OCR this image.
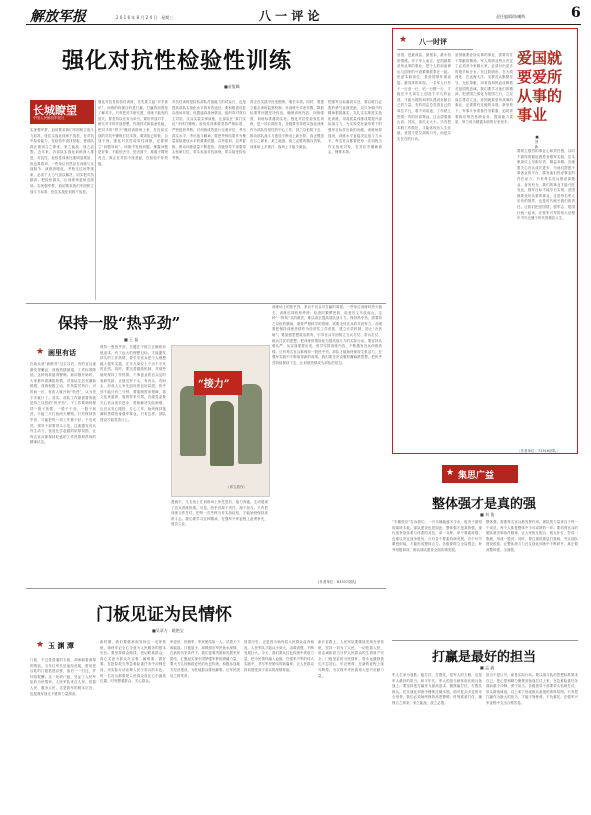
解放军报	2 0 1 6 年 8 月 2 4 日　星期三	八 一 评 论	责任编辑/陈曦辉	6
强化对抗性检验性训练
■苗俊峰
长城瞭望
中国人民解放军报社
实现强军梦，迫切要求我们牢固树立战斗力标准，扭住实战化训练不放松，在对抗中检验能力，在检验中查找短板，使部队真正做到召之即来、来之能战、战之必胜。近年来，各部队实战化训练深入推进，对抗性、检验性训练比重明显增加，但也要看到，一些单位仍然存在训练与实战脱节、演练套路化、考核走过场等现象，必须下大力气加以解决，切实把对抗搞真、把检验做实，让训练场更贴近战场。实现强军梦，迫切要求我们牢固树立战斗力标准，扭住实战化训练不放松。
强化对抗性检验性训练，首先要立起“对手意识”。训练的终极目的是打赢，打赢的前提是了解对手。只有把对手研究透，训练才能有的放矢。要坚持以任务为牵引，紧盯作战对手，研究对手的作战思想、作战样式和装备性能，把对手的“样子”搬到训练场上来，在近似实战的对抗中锤炼打仗本领，做到知己知彼、百战不殆。强化对抗性检验性训练，还要树立“问题导向”。训练中发现问题、暴露问题是好事，不能怕丢分、怕丢面子，要敢于揭短亮丑，真正在对抗中找差距，在检验中补短板。
对抗性训练是检验部队作战能力的试金石，也是提高部队实战化水平的有效途径。要积极创设复杂战场环境，设置逼真战场情况，组织背对背自主对抗、实兵实装实弹演练，让部队在“真打实抗”中摔打锤炼。检验性训练要坚持严格标准，严密组织考核，对训练成效进行全面评估，考出真实水平，考出战斗精神。要把考核结果作为衡量部队建设水平的重要依据，以考促训、以考促练，推动训练质量不断提高。各级领导干部要带头钻研打仗，带头参加对抗演练，带头接受检验考核。
真正在实践中经受锻炼、增长本领。同时，要建立健全训练监察机制，对训练中弄虚作假、降低标准等问题坚决纠治，确保训练内容、训练强度、训练标准落到实处。强化对抗性检验性训练，是一项长期任务。各级要坚持把实战化训练作为部队经常性的中心工作，持之以恒抓下去，推动部队战斗力建设不断迈上新台阶，真正锻造出召之即来、来之能战、战之必胜的精兵劲旅。训练场上多流汗，战场上才能少流血。
把强军目标落到实处，要以敢打必胜的勇气直面差距，以只争朝夕的精神狠抓落实，扎扎实实推进实战化训练，用高质量训练成果提升部队战斗力，为实现党在新形势下的强军目标作出新的贡献。训练场即战场，训练水平直接决定战斗力水平，每名官兵都要把每一次训练当作实战来对待，在对抗中磨砺意志、锤炼本领。
保持一股“热乎劲”
■ 王 磊
★ 画里有话
在新兵营“新鲜劲”过去以后，有的官兵逐渐变得懈怠，训练热情减退，工作标准降低。这种现象值得警惕。新训刚开始时，大家都怀着满腔热情，对部队生活充满新鲜感，训练积极主动，作风雷厉风行；可时间一长，有的人就开始“松劲”，认为差不多就行了。其实，部队工作最需要的就是持之以恒的“热乎劲”。干工作要始终保持一股子热情、一股子干劲、一股子韧劲，不能三天打鱼两天晒网。只有保持热乎劲，才能把每一项工作都干好、干出成效。领导干部要带头示范，注重激发官兵内生动力，营造比学赶超的浓厚氛围，让每名官兵都保持旺盛的工作热情和昂扬的精神状态。
保持一股热乎劲，关键在于树立正确的价值追求。有了远大的理想目标，才能激发持久的工作热情。要引导官兵把个人理想融入强军实践，在平凡岗位上干出不平凡的业绩。同时，要完善激励机制，对那些始终保持工作热情、干事创业的官兵及时表彰奖励，让他们有干头、有奔头、有盼头，形成人人争先创优的良好局面。热乎劲不能只有三分钟，要靠制度来保障，靠文化来滋养，靠榜样来引领。各级党委要关心官兵成长进步，帮助解决实际困难，让官兵安心服役、专心工作，始终保持饱满的热情投身强军事业。只有这样，部队建设才能蒸蒸日上。
“接力”
（邓立浩作）
漫画中，几名战士在训练场上争先恐后，接力奔跑，生动展现了官兵训练热情。可见，热乎劲源于责任，源于担当。只有把训练当作打仗，把每一次考核当作实战检验，才能始终保持高昂斗志。我们要学习这种精神，在强军兴军征程上奋勇争先、建功立业。
训练场上的热乎劲，来自于官兵对打赢的渴望。一些单位训练时热火朝天，训练后却松松垮垮；检查时紧锣密鼓，检查后又马放南山。这种“一阵风”式的做法，难以真正提高部队战斗力。保持热乎劲，需要持之以恒的精神，需要严格科学的管理，需要全体官兵的共同努力。各级要把保持训练热情作为经常性工作来抓，建立长效机制，防止“冷热病”。要加强思想政治教育，引导官兵牢固树立当兵打仗、带兵打仗、练兵打仗的思想，把训练热情转化为提高战斗力的实际行动。要坚持从难从严、从实战需要出发，科学安排训练内容，不断激发官兵训练热情。只有每名官兵都保持一股热乎劲，部队才能始终保持生机活力，在强军实践中不断取得新的成绩。我们要坚决克服松懈麻痹思想，把热乎劲持续保持下去，让训练热情成为部队的常态。
(作者单位：83337部队)
门板见证为民情怀
■吴章方　姚艳宝
★ 玉 渊 潭
门板，不过是普通的木板，却承载着深厚的情谊。当年红军长征途经此地，借用老百姓的门板搭建浮桥，战后一一归还，并付给报酬。这一块块门板，见证了人民军队的为民情怀。人民军队来自人民、依靠人民、服务人民，这是我军的根本宗旨，也是我军战无不胜的力量源泉。
新时期，我们要继承和发扬这一光荣传统，始终牢记全心全意为人民服务的根本宗旨。要坚持群众路线，密切联系群众，真心实意为群众办实事、解难事、做好事。在抢险救灾等急难险重任务中冲锋在前，用实际行动诠释人民子弟兵的本色。每一名官兵都要把人民群众放在心中最高位置，时刻想着群众、关心群众。
军爱民，民拥军，军民团结如一人，试看天下谁能敌。门板虽小，却映照出军民鱼水深情。在新的历史条件下，我们更要巩固和发展军民团结，汇聚起实现中国梦强军梦的磅礴力量。要大力弘扬拥政爱民的优良传统，积极参加地方经济建设，为驻地群众排忧解难，让军民团结之树常青。
回望历史，正是因为始终同人民群众血肉相连，人民军队才能从小到大、由弱到强，不断发展壮大。今天，我们要从红色传统中汲取力量，把为民情怀融入血脉，在强军兴军的伟大实践中，书写军民团结的新篇章，让人民群众真切感受到子弟兵的深情厚谊。
新长征路上，人民军队要继续发扬光荣传统，坚持一切为了人民、一切依靠人民，用忠诚和担当守护人民群众的生命财产安全。门板见证的为民情怀，将永远激励我们不忘初心、牢记使命，在新的征程上续写辉煌，为实现中华民族伟大复兴贡献力量。
★ 八一时评
爱国就要爱所从事的事业
■ 刘 新
爱国，是最深层、最根本、最永恒的情感。对于军人而言，爱国就要爱所从事的事业，把个人的前途命运与国家的兴衰紧紧联系在一起。热爱本职岗位，是爱国情怀最直接、最具体的体现。一名军人只有干一行爱一行、钻一行精一行，才能在平凡岗位上创造不平凡的业绩，才能为国防和军队建设贡献自己的力量。有的同志总觉得自己的岗位平凡，看不到前途，工作缺乏热情；有的好高骛远，这山望着那山高。其实，岗位无大小，只有把本职工作做好，才能体现出人生价值。爱国不是空洞的口号，而是实实在在的行动。
爱国就要爱所从事的事业，需要有甘于奉献的精神。军人的职业特点决定了必须舍小家顾大家，必须付出更多的艰辛和汗水。在边防哨所、在大漠深处、在远海大洋，无数官兵默默坚守、无私奉献，用青春和热血诠释着对祖国的忠诚。我们要学习他们的精神，把爱国之情化为报国之行，立足岗位建功立业。爱国就要爱所从事的事业，还需要有过硬的本领。新形势下，军事斗争准备任务繁重，迫切需要我们刻苦钻研业务、提高能力素质，努力成为精通本职的行家里手。
要树立强烈的事业心和责任感，以时不我待的紧迫感投身强军实践，在本职岗位上尽职尽责、精益求精。各级要关心官兵成长进步，为他们搭建干事创业的平台，激发他们热爱事业的内在动力。只有每名官兵都爱岗敬业、奋发有为，我们的事业才能兴旺发达，强军目标才能早日实现。爱国就要爱所从事的事业，这是每名军人应有的境界，也是时代赋予我们的责任。让我们把爱国情、强军志、报国行统一起来，在强军兴军的伟大征程中书写无愧于时代的精彩人生。
（作者单位：72516部队）
★ 集思广益
整体强才是真的强
■ 刘 俊
“木桶效应”告诉我们，一只木桶能盛多少水，取决于最短的那块木板。部队建设也是如此，整体强才是真的强。现代战争是体系与体系的对抗，单一兵种、单个要素再强，也难以决定战争胜负。只有各个要素协调发展、各个环节紧密衔接，才能形成整体合力。各级要树立全局观念，补齐短板弱项，推动部队建设全面协调发展。
整体强，需要每名官兵都发挥作用。团队的力量来自于每一个成员，每个人都是整体中不可或缺的一环。要培养官兵的团队意识和协作精神，让大家相互配合、相互补位，拧成一股绳、形成一股劲。同时，要注重抓基层打基础，夯实部队建设根基，让整体战斗力在实战化训练中不断跃升，真正做到整体强、全面强。
打赢是最好的担当
■ 孟 鑫
军人生来为战胜。能打仗、打胜仗，是军人的天职，也是军人最好的担当。和平年代，军人的担当就体现在练兵备战上。要坚持把打赢作为最高追求，聚焦能打仗、打胜仗练兵，在实战化训练中锤炼过硬本领。面对复杂多变的安全形势，我们必须始终保持高度警惕，时刻准备打仗，确保召之即来、来之能战、战之必胜。
担当不是口号，而是实际行动。要以战斗队的思想标准要求自己，把心思和精力聚焦到备战打仗上来，在急难险重任务面前敢于冲锋、勇于担当。各级领导干部要带头钻研打仗，带头研战谋战，以上率下形成练兵备战的浓厚氛围。只有把打赢作为最大的担当，才能不辱使命、不负重托，在强军兴军征程中交出合格答卷。
